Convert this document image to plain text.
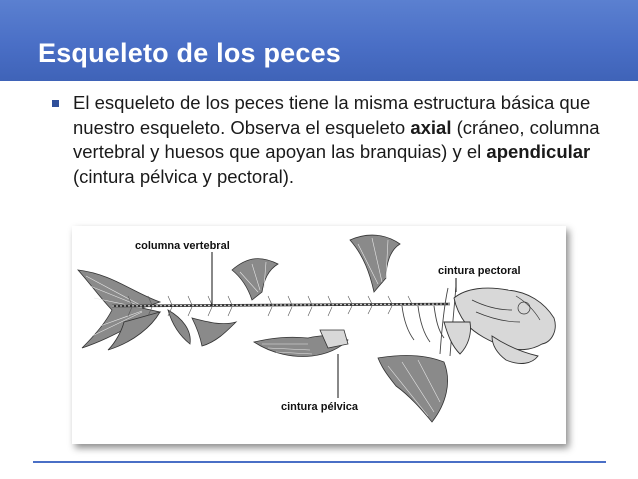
Esqueleto de los peces
El esqueleto de los peces tiene la misma estructura básica que nuestro esqueleto. Observa el esqueleto axial (cráneo, columna vertebral y huesos que apoyan las branquias) y el apendicular (cintura pélvica y pectoral).
columna vertebral
cintura pectoral
cintura pélvica
